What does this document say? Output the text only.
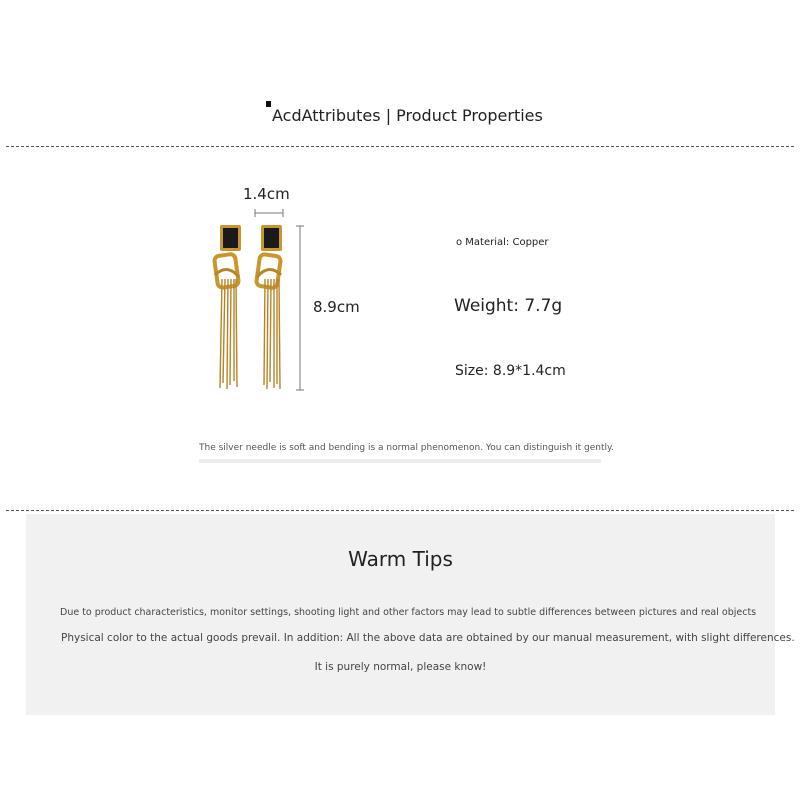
AcdAttributes | Product Properties
1.4cm
8.9cm
o Material: Copper
Weight: 7.7g
Size: 8.9*1.4cm
The silver needle is soft and bending is a normal phenomenon. You can distinguish it gently.
Warm Tips
Due to product characteristics, monitor settings, shooting light and other factors may lead to subtle differences between pictures and real objects
Physical color to the actual goods prevail. In addition: All the above data are obtained by our manual measurement, with slight differences.
It is purely normal, please know!
